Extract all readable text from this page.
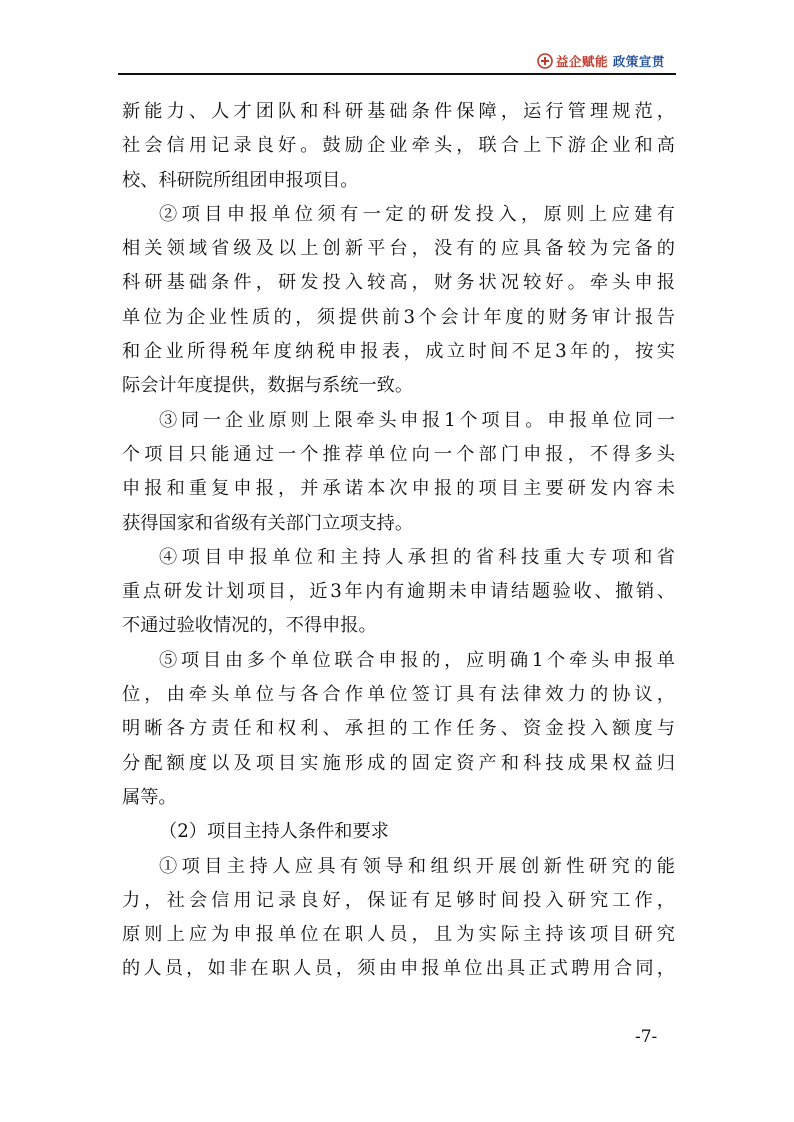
益企赋能 政策宣贯
新能力、人才团队和科研基础条件保障，运行管理规范，
社会信用记录良好。鼓励企业牵头，联合上下游企业和高
校、科研院所组团申报项目。
②项目申报单位须有一定的研发投入，原则上应建有
相关领域省级及以上创新平台，没有的应具备较为完备的
科研基础条件，研发投入较高，财务状况较好。牵头申报
单位为企业性质的，须提供前3个会计年度的财务审计报告
和企业所得税年度纳税申报表，成立时间不足3年的，按实
际会计年度提供，数据与系统一致。
③同一企业原则上限牵头申报1个项目。申报单位同一
个项目只能通过一个推荐单位向一个部门申报，不得多头
申报和重复申报，并承诺本次申报的项目主要研发内容未
获得国家和省级有关部门立项支持。
④项目申报单位和主持人承担的省科技重大专项和省
重点研发计划项目，近3年内有逾期未申请结题验收、撤销、
不通过验收情况的，不得申报。
⑤项目由多个单位联合申报的，应明确1个牵头申报单
位，由牵头单位与各合作单位签订具有法律效力的协议，
明晰各方责任和权利、承担的工作任务、资金投入额度与
分配额度以及项目实施形成的固定资产和科技成果权益归
属等。
（2）项目主持人条件和要求
①项目主持人应具有领导和组织开展创新性研究的能
力，社会信用记录良好，保证有足够时间投入研究工作，
原则上应为申报单位在职人员，且为实际主持该项目研究
的人员，如非在职人员，须由申报单位出具正式聘用合同，
-7-
